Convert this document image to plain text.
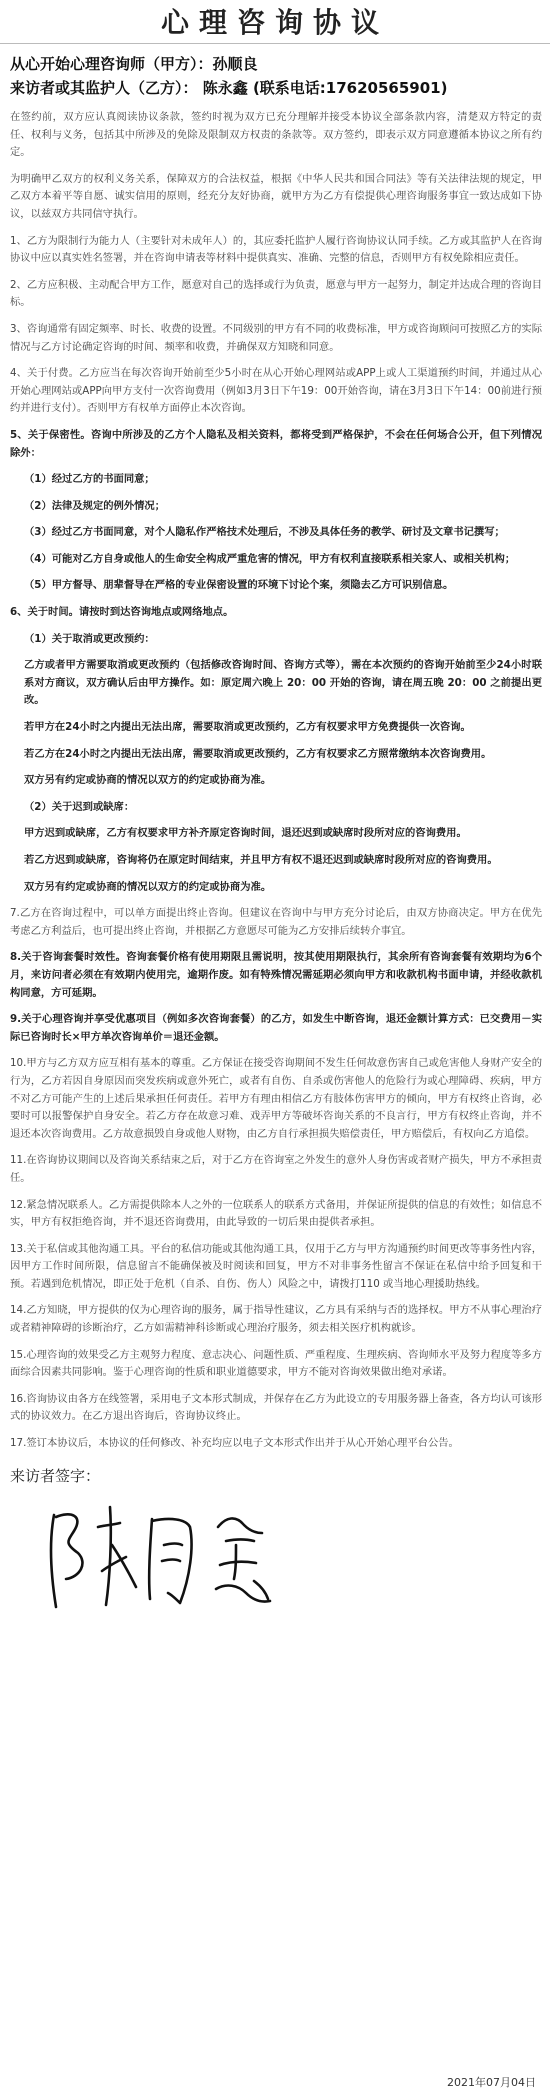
心理咨询协议

从心开始心理咨询师（甲方）：孙顺良

来访者或其监护人（乙方）： 陈永鑫 (联系电话:17620565901)

在签约前，双方应认真阅读协议条款，签约时视为双方已充分理解并接受本协议全部条款内容，清楚双方特定的责任、权利与义务，包括其中所涉及的免除及限制双方权责的条款等。双方签约，即表示双方同意遵循本协议之所有约定。

为明确甲乙双方的权利义务关系，保障双方的合法权益，根据《中华人民共和国合同法》等有关法律法规的规定，甲乙双方本着平等自愿、诚实信用的原则，经充分友好协商，就甲方为乙方有偿提供心理咨询服务事宜一致达成如下协议，以兹双方共同信守执行。

1、乙方为限制行为能力人（主要针对未成年人）的，其应委托监护人履行咨询协议认同手续。乙方或其监护人在咨询协议中应以真实姓名签署，并在咨询申请表等材料中提供真实、准确、完整的信息，否则甲方有权免除相应责任。

2、乙方应积极、主动配合甲方工作，愿意对自己的选择或行为负责，愿意与甲方一起努力，制定并达成合理的咨询目标。

3、咨询通常有固定频率、时长、收费的设置。不同级别的甲方有不同的收费标准，甲方或咨询顾问可按照乙方的实际情况与乙方讨论确定咨询的时间、频率和收费，并确保双方知晓和同意。

4、关于付费。乙方应当在每次咨询开始前至少5小时在从心开始心理网站或APP上或人工渠道预约时间，并通过从心开始心理网站或APP向甲方支付一次咨询费用（例如3月3日下午19：00开始咨询，请在3月3日下午14：00前进行预约并进行支付）。否则甲方有权单方面停止本次咨询。

5、关于保密性。咨询中所涉及的乙方个人隐私及相关资料，都将受到严格保护，不会在任何场合公开，但下列情况除外：

（1）经过乙方的书面同意；

（2）法律及规定的例外情况；

（3）经过乙方书面同意，对个人隐私作严格技术处理后，不涉及具体任务的教学、研讨及文章书记撰写；

（4）可能对乙方自身或他人的生命安全构成严重危害的情况，甲方有权利直接联系相关家人、或相关机构；

（5）甲方督导、朋辈督导在严格的专业保密设置的环境下讨论个案，须隐去乙方可识别信息。

6、关于时间。请按时到达咨询地点或网络地点。

（1）关于取消或更改预约：

乙方或者甲方需要取消或更改预约（包括修改咨询时间、咨询方式等），需在本次预约的咨询开始前至少24小时联系对方商议，双方确认后由甲方操作。如：原定周六晚上 20：00 开始的咨询，请在周五晚 20：00 之前提出更改。

若甲方在24小时之内提出无法出席，需要取消或更改预约，乙方有权要求甲方免费提供一次咨询。

若乙方在24小时之内提出无法出席，需要取消或更改预约，乙方有权要求乙方照常缴纳本次咨询费用。

双方另有约定或协商的情况以双方的约定或协商为准。

（2）关于迟到或缺席：

甲方迟到或缺席，乙方有权要求甲方补齐原定咨询时间，退还迟到或缺席时段所对应的咨询费用。

若乙方迟到或缺席，咨询将仍在原定时间结束，并且甲方有权不退还迟到或缺席时段所对应的咨询费用。

双方另有约定或协商的情况以双方的约定或协商为准。

7.乙方在咨询过程中，可以单方面提出终止咨询。但建议在咨询中与甲方充分讨论后，由双方协商决定。甲方在优先考虑乙方利益后，也可提出终止咨询，并根据乙方意愿尽可能为乙方安排后续转介事宜。

8.关于咨询套餐时效性。咨询套餐价格有使用期限且需说明，按其使用期限执行，其余所有咨询套餐有效期均为6个月，来访问者必须在有效期内使用完，逾期作废。如有特殊情况需延期必须向甲方和收款机构书面申请，并经收款机构同意，方可延期。

9.关于心理咨询并享受优惠项目（例如多次咨询套餐）的乙方，如发生中断咨询，退还金额计算方式：已交费用－实际已咨询时长×甲方单次咨询单价＝退还金额。

10.甲方与乙方双方应互相有基本的尊重。乙方保证在接受咨询期间不发生任何故意伤害自己或危害他人身财产安全的行为，乙方若因自身原因而突发疾病或意外死亡，或者有自伤、自杀或伤害他人的危险行为或心理障碍、疾病，甲方不对乙方可能产生的上述后果承担任何责任。若甲方有理由相信乙方有肢体伤害甲方的倾向，甲方有权终止咨询，必要时可以报警保护自身安全。若乙方存在故意习难、戏弄甲方等破坏咨询关系的不良言行，甲方有权终止咨询，并不退还本次咨询费用。乙方故意损毁自身或他人财物，由乙方自行承担损失赔偿责任，甲方赔偿后，有权向乙方追偿。

11.在咨询协议期间以及咨询关系结束之后，对于乙方在咨询室之外发生的意外人身伤害或者财产损失，甲方不承担责任。

12.紧急情况联系人。乙方需提供除本人之外的一位联系人的联系方式备用，并保证所提供的信息的有效性；如信息不实，甲方有权拒绝咨询，并不退还咨询费用，由此导致的一切后果由提供者承担。

13.关于私信或其他沟通工具。平台的私信功能或其他沟通工具，仅用于乙方与甲方沟通预约时间更改等事务性内容，因甲方工作时间所限，信息留言不能确保被及时阅读和回复，甲方不对非事务性留言不保证在私信中给予回复和干预。若遇到危机情况，即正处于危机（自杀、自伤、伤人）风险之中，请拨打110 或当地心理援助热线。

14.乙方知晓，甲方提供的仅为心理咨询的服务，属于指导性建议，乙方具有采纳与否的选择权。甲方不从事心理治疗或者精神障碍的诊断治疗，乙方如需精神科诊断或心理治疗服务，须去相关医疗机构就诊。

15.心理咨询的效果受乙方主观努力程度、意志决心、问题性质、严重程度、生理疾病、咨询师水平及努力程度等多方面综合因素共同影响。鉴于心理咨询的性质和职业道德要求，甲方不能对咨询效果做出绝对承诺。

16.咨询协议由各方在线签署，采用电子文本形式制成，并保存在乙方为此设立的专用服务器上备查，各方均认可该形式的协议效力。在乙方退出咨询后，咨询协议终止。

17.签订本协议后，本协议的任何修改、补充均应以电子文本形式作出并于从心开始心理平台公告。

来访者签字：

2021年07月04日
